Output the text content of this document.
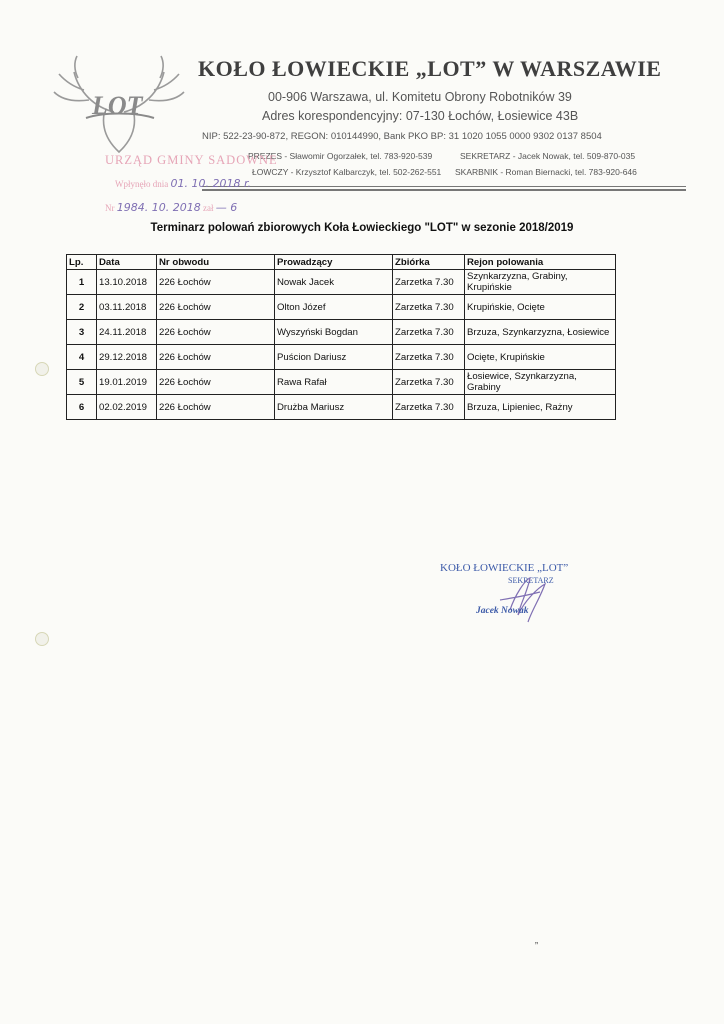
LOT
KOŁO ŁOWIECKIE „LOT” W WARSZAWIE
00-906 Warszawa, ul. Komitetu Obrony Robotników 39
Adres korespondencyjny: 07-130 Łochów, Łosiewice 43B
NIP: 522-23-90-872, REGON: 010144990, Bank PKO BP: 31 1020 1055 0000 9302 0137 8504
PREZES - Sławomir Ogorzałek, tel. 783-920-539	SEKRETARZ - Jacek Nowak, tel. 509-870-035
ŁOWCZY - Krzysztof Kalbarczyk, tel. 502-262-551 SKARBNIK - Roman Biernacki, tel. 783-920-646
URZĄD GMINY SADOWNE
Wpłynęło dnia 01. 10. 2018 r.
Nr 1984. 10. 2018 zał — 6
Terminarz polowań zbiorowych Koła Łowieckiego "LOT" w sezonie 2018/2019
Lp.	Data	Nr obwodu	Prowadzący	Zbiórka	Rejon polowania
1	13.10.2018	226 Łochów	Nowak Jacek	Zarzetka 7.30	Szynkarzyzna, Grabiny, Krupińskie
2	03.11.2018	226 Łochów	Olton Józef	Zarzetka 7.30	Krupińskie, Ocięte
3	24.11.2018	226 Łochów	Wyszyński Bogdan	Zarzetka 7.30	Brzuza, Szynkarzyzna, Łosiewice
4	29.12.2018	226 Łochów	Puścion Dariusz	Zarzetka 7.30	Ocięte, Krupińskie
5	19.01.2019	226 Łochów	Rawa Rafał	Zarzetka 7.30	Łosiewice, Szynkarzyzna, Grabiny
6	02.02.2019	226 Łochów	Drużba Mariusz	Zarzetka 7.30	Brzuza, Lipieniec, Rażny
KOŁO ŁOWIECKIE „LOT”
SEKRETARZ
Jacek Nowak
„
